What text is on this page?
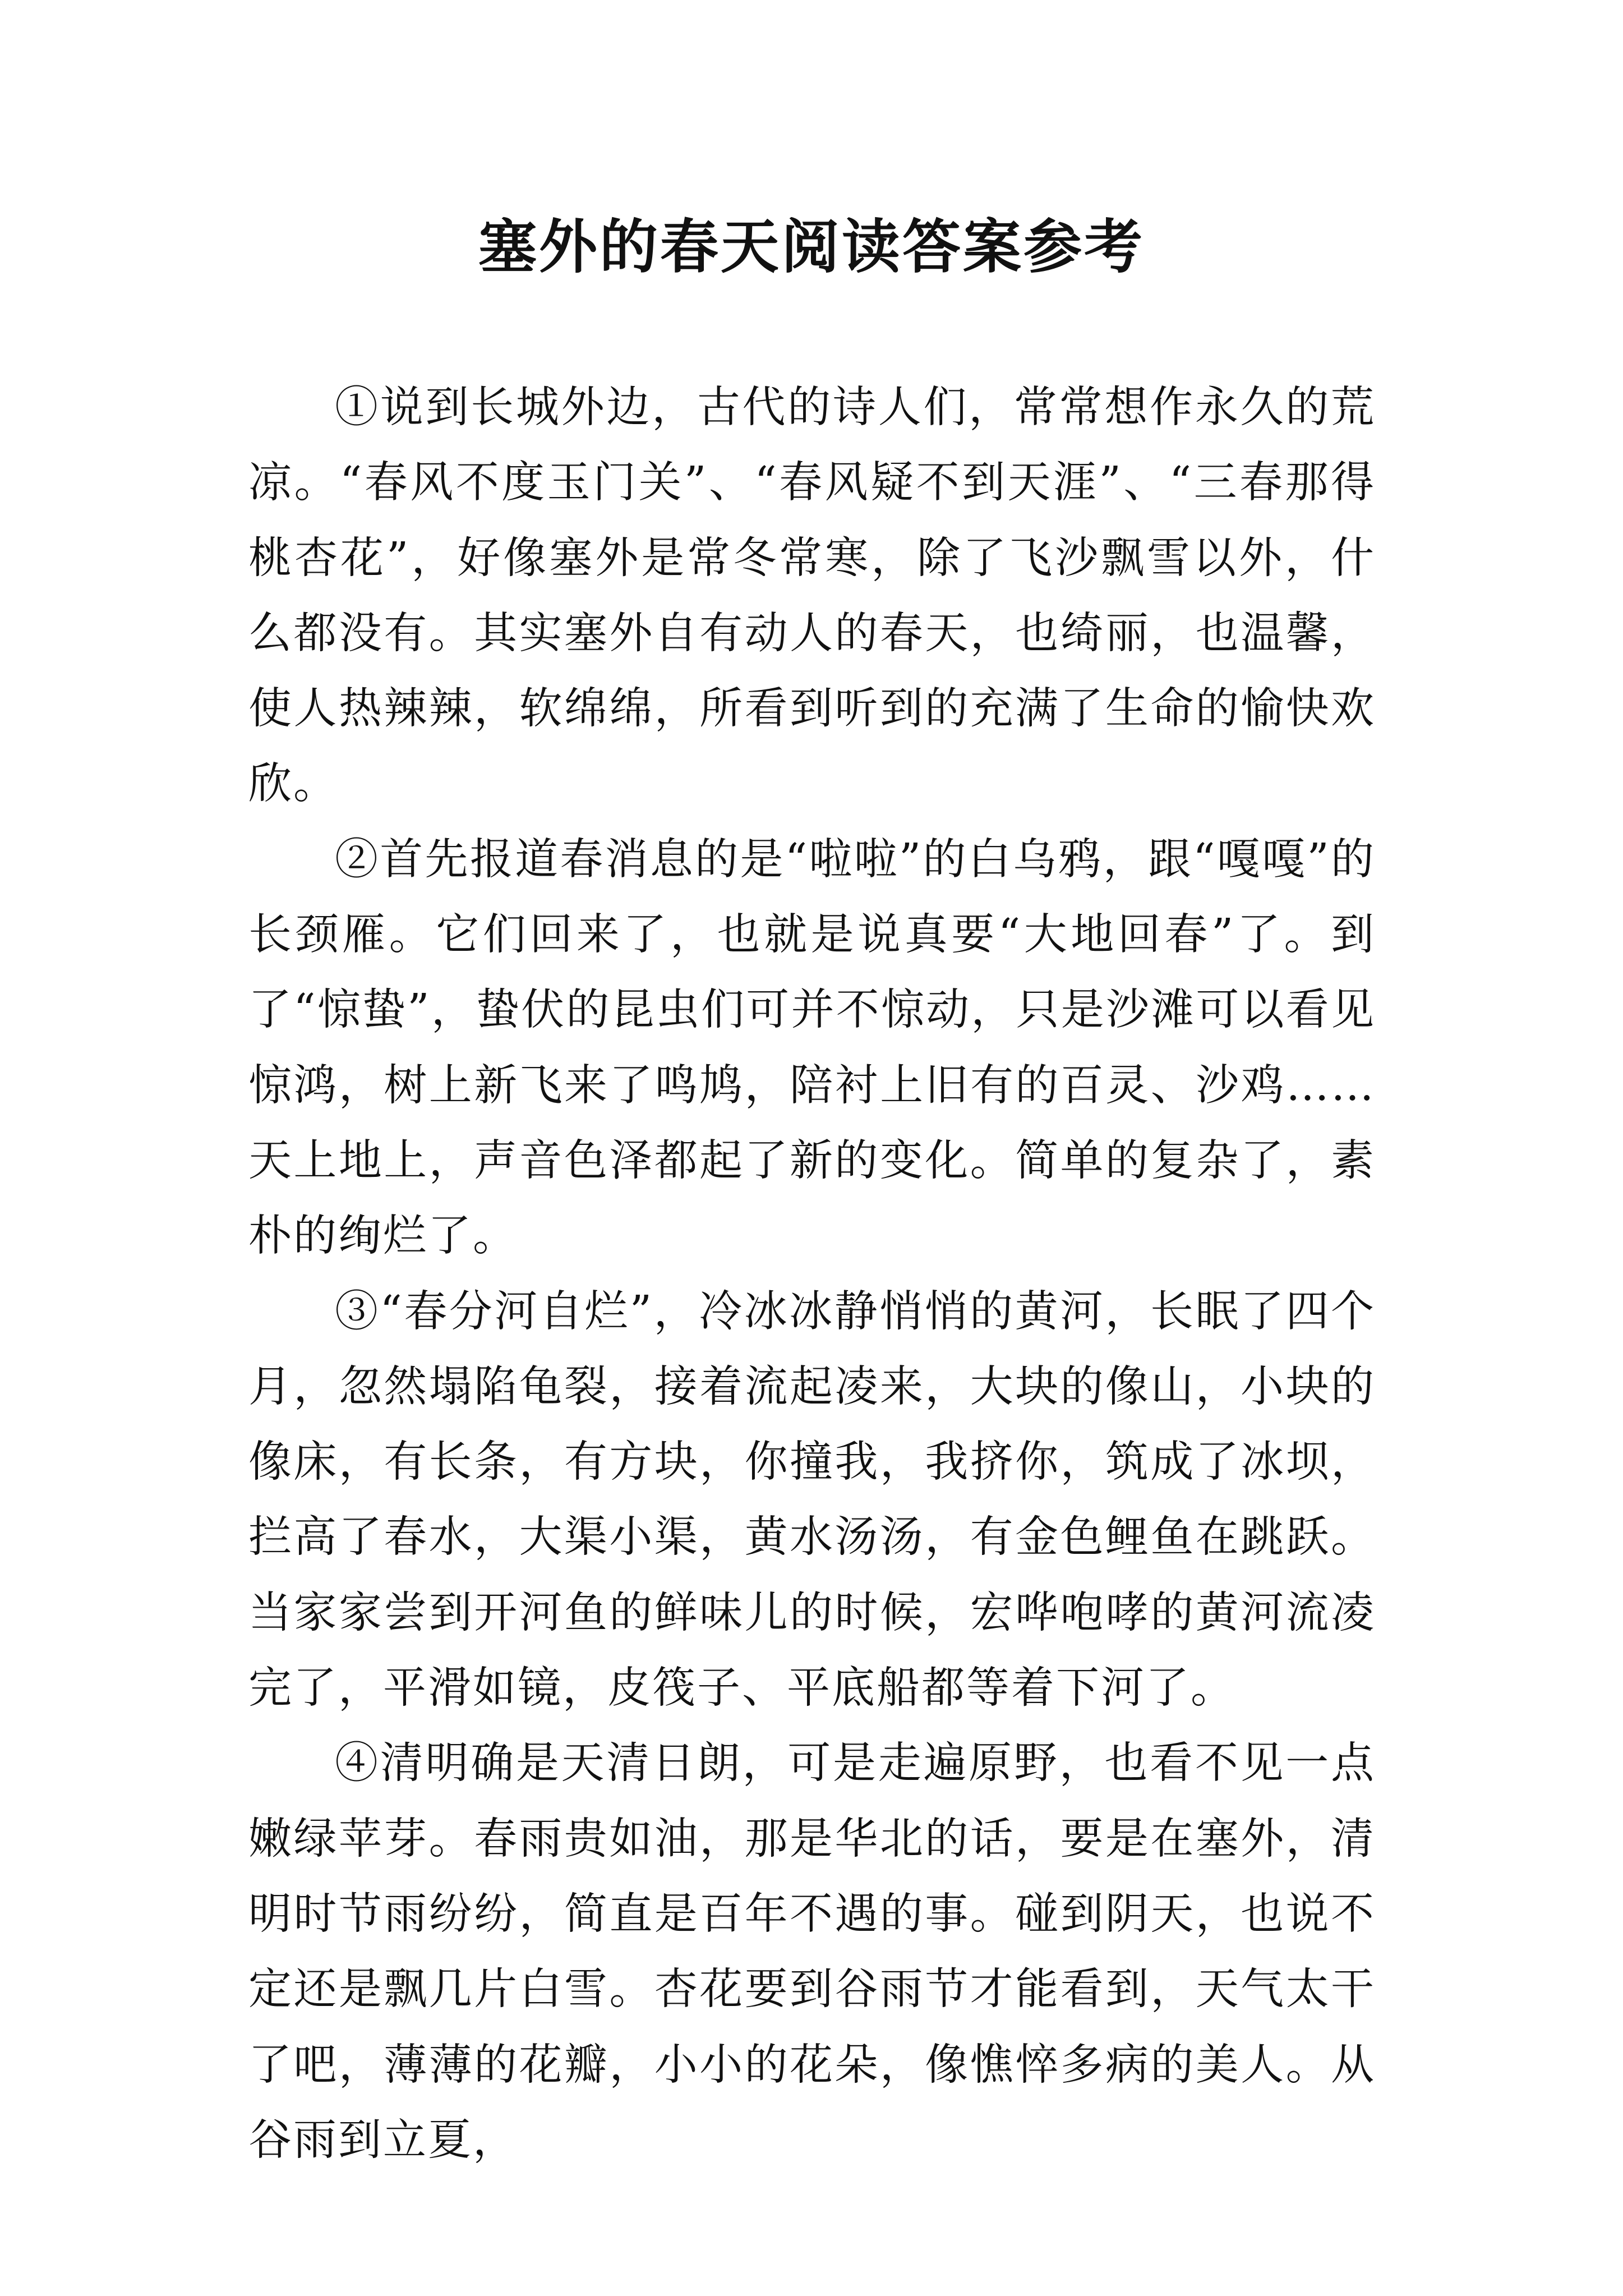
塞外的春天阅读答案参考

①说到长城外边，古代的诗人们，常常想作永久的荒凉。“春风不度玉门关”、“春风疑不到天涯”、“三春那得桃杏花”，好像塞外是常冬常寒，除了飞沙飘雪以外，什么都没有。其实塞外自有动人的春天，也绮丽，也温馨，使人热辣辣，软绵绵，所看到听到的充满了生命的愉快欢欣。

②首先报道春消息的是“啦啦”的白乌鸦，跟“嘎嘎”的长颈雁。它们回来了，也就是说真要“大地回春”了。到了“惊蛰”，蛰伏的昆虫们可并不惊动，只是沙滩可以看见惊鸿，树上新飞来了鸣鸠，陪衬上旧有的百灵、沙鸡……天上地上，声音色泽都起了新的变化。简单的复杂了，素朴的绚烂了。

③“春分河自烂”，冷冰冰静悄悄的黄河，长眠了四个月，忽然塌陷龟裂，接着流起凌来，大块的像山，小块的像床，有长条，有方块，你撞我，我挤你，筑成了冰坝，拦高了春水，大渠小渠，黄水汤汤，有金色鲤鱼在跳跃。当家家尝到开河鱼的鲜味儿的时候，宏哗咆哮的黄河流凌完了，平滑如镜，皮筏子、平底船都等着下河了。

④清明确是天清日朗，可是走遍原野，也看不见一点嫩绿苹芽。春雨贵如油，那是华北的话，要是在塞外，清明时节雨纷纷，简直是百年不遇的事。碰到阴天，也说不定还是飘几片白雪。杏花要到谷雨节才能看到，天气太干了吧，薄薄的花瓣，小小的花朵，像憔悴多病的美人。从谷雨到立夏，
